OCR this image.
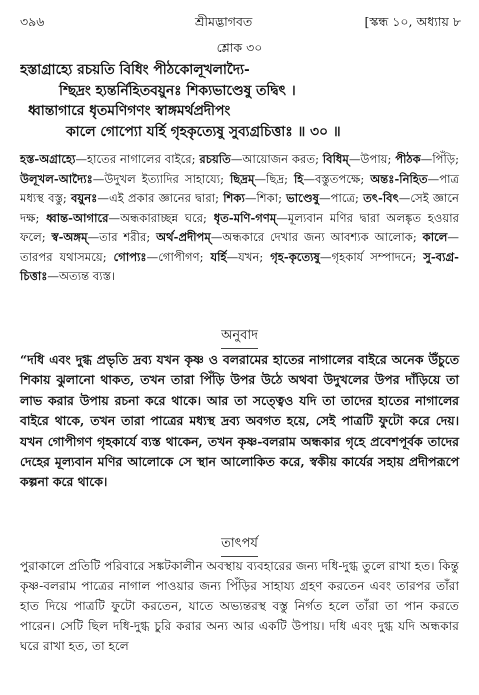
৩৯৬	শ্রীমদ্ভাগবত	[স্কন্ধ ১০, অধ্যায় ৮
শ্লোক ৩০
হস্তাগ্রাহ্যে রচয়তি বিধিং পীঠকোলূখলাদ্যৈ-
শ্ছিদ্রং হ্যন্তর্নিহিতবয়ুনঃ শিক্যভাণ্ডেষু তদ্বিৎ ।
ধ্বান্তাগারে ধৃতমণিগণং স্বাঙ্গমর্থপ্রদীপং
কালে গোপ্যো যর্হি গৃহকৃত্যেষু সুব্যগ্রচিত্তাঃ ॥ ৩০ ॥
হস্ত-অগ্রাহ্যে—হাতের নাগালের বাইরে; রচয়তি—আয়োজন করত; বিধিম্—উপায়; পীঠক—পিঁড়ি; উলূখল-আদ্যৈঃ—উদুখল ইত্যাদির সাহায্যে; ছিদ্রম্—ছিদ্র; হি—বস্তুতপক্ষে; অন্তঃ-নিহিত—পাত্র মধ্যস্থ বস্তু; বয়ুনঃ—এই প্রকার জ্ঞানের দ্বারা; শিক্য—শিকা; ভাণ্ডেষু—পাত্রে; তৎ-বিৎ—সেই জ্ঞানে দক্ষ; ধ্বান্ত-আগারে—অন্ধকারাচ্ছন্ন ঘরে; ধৃত-মণি-গণম্—মূল্যবান মণির দ্বারা অলঙ্কৃত হওয়ার ফলে; স্ব-অঙ্গম্—তার শরীর; অর্থ-প্রদীপম্—অন্ধকারে দেখার জন্য আবশ্যক আলোক; কালে—তারপর যথাসময়ে; গোপ্যঃ—গোপীগণ; যর্হি—যখন; গৃহ-কৃত্যেষু—গৃহকার্য সম্পাদনে; সু-ব্যগ্র-চিত্তাঃ—অত্যন্ত ব্যস্ত।
অনুবাদ
“দধি এবং দুগ্ধ প্রভৃতি দ্রব্য যখন কৃষ্ণ ও বলরামের হাতের নাগালের বাইরে অনেক উঁচুতে শিকায় ঝুলানো থাকত, তখন তারা পিঁড়ি উপর উঠে অথবা উদুখলের উপর দাঁড়িয়ে তা লাভ করার উপায় রচনা করে থাকে। আর তা সত্ত্বেও যদি তা তাদের হাতের নাগালের বাইরে থাকে, তখন তারা পাত্রের মধ্যস্থ দ্রব্য অবগত হয়ে, সেই পাত্রটি ফুটো করে দেয়। যখন গোপীগণ গৃহকার্যে ব্যস্ত থাকেন, তখন কৃষ্ণ-বলরাম অন্ধকার গৃহে প্রবেশপূর্বক তাদের দেহের মূল্যবান মণির আলোকে সে স্থান আলোকিত করে, স্বকীয় কার্যের সহায় প্রদীপরূপে কল্পনা করে থাকে।
তাৎপর্য
পুরাকালে প্রতিটি পরিবারে সঙ্কটকালীন অবস্থায় ব্যবহারের জন্য দধি-দুগ্ধ তুলে রাখা হত। কিন্তু কৃষ্ণ-বলরাম পাত্রের নাগাল পাওয়ার জন্য পিঁড়ির সাহায্য গ্রহণ করতেন এবং তারপর তাঁরা হাত দিয়ে পাত্রটি ফুটো করতেন, যাতে অভ্যন্তরস্থ বস্তু নির্গত হলে তাঁরা তা পান করতে পারেন। সেটি ছিল দধি-দুগ্ধ চুরি করার অন্য আর একটি উপায়। দধি এবং দুগ্ধ যদি অন্ধকার ঘরে রাখা হত, তা হলে
